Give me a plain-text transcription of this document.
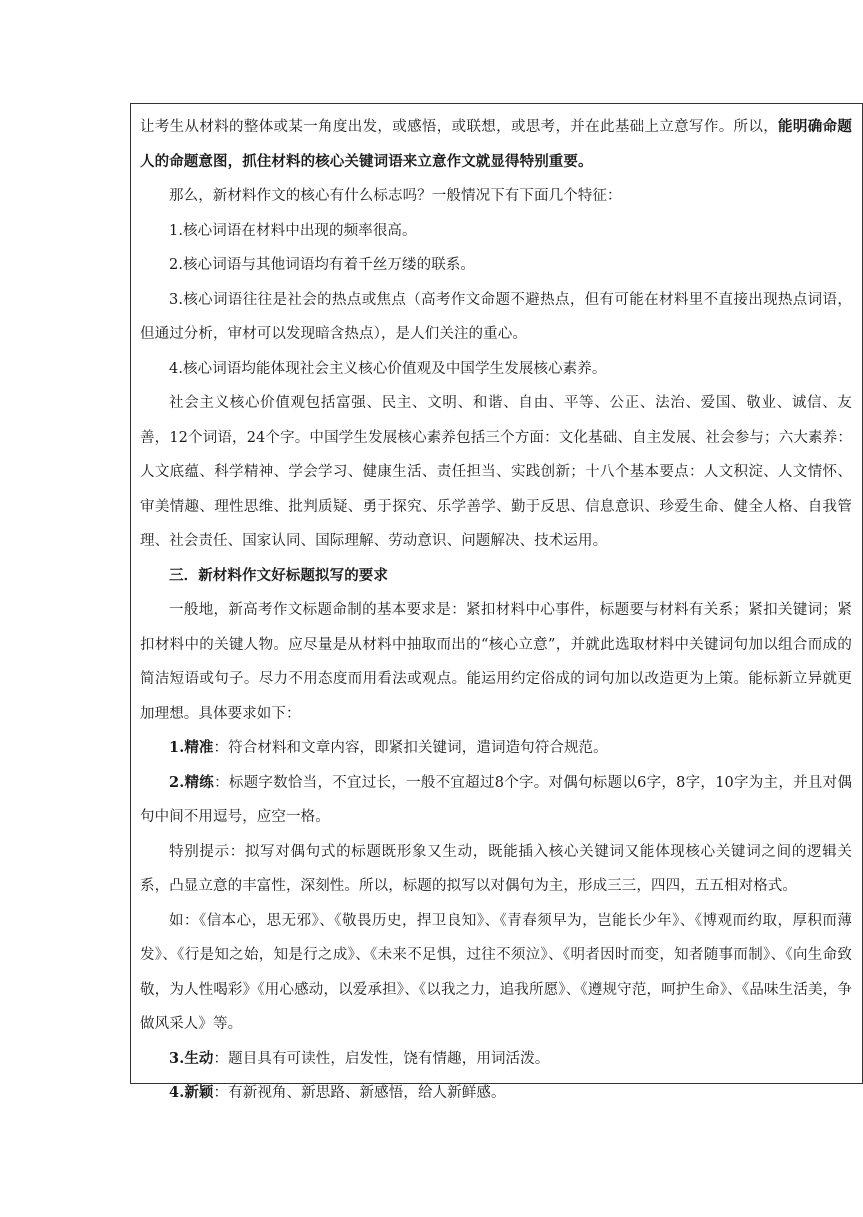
让考生从材料的整体或某一角度出发，或感悟，或联想，或思考，并在此基础上立意写作。所以，能明确命题人的命题意图，抓住材料的核心关键词语来立意作文就显得特别重要。

那么，新材料作文的核心有什么标志吗？一般情况下有下面几个特征：

1.核心词语在材料中出现的频率很高。

2.核心词语与其他词语均有着千丝万缕的联系。

3.核心词语往往是社会的热点或焦点（高考作文命题不避热点，但有可能在材料里不直接出现热点词语，但通过分析，审材可以发现暗含热点），是人们关注的重心。

4.核心词语均能体现社会主义核心价值观及中国学生发展核心素养。

社会主义核心价值观包括富强、民主、文明、和谐、自由、平等、公正、法治、爱国、敬业、诚信、友善，12个词语，24个字。中国学生发展核心素养包括三个方面：文化基础、自主发展、社会参与；六大素养：人文底蕴、科学精神、学会学习、健康生活、责任担当、实践创新；十八个基本要点：人文积淀、人文情怀、审美情趣、理性思维、批判质疑、勇于探究、乐学善学、勤于反思、信息意识、珍爱生命、健全人格、自我管理、社会责任、国家认同、国际理解、劳动意识、问题解决、技术运用。

三．新材料作文好标题拟写的要求

一般地，新高考作文标题命制的基本要求是：紧扣材料中心事件，标题要与材料有关系；紧扣关键词；紧扣材料中的关键人物。应尽量是从材料中抽取而出的“核心立意”，并就此选取材料中关键词句加以组合而成的简洁短语或句子。尽力不用态度而用看法或观点。能运用约定俗成的词句加以改造更为上策。能标新立异就更加理想。具体要求如下：

1.精准：符合材料和文章内容，即紧扣关键词，遣词造句符合规范。

2.精练：标题字数恰当，不宜过长，一般不宜超过8个字。对偶句标题以6字，8字，10字为主，并且对偶句中间不用逗号，应空一格。

特别提示：拟写对偶句式的标题既形象又生动，既能插入核心关键词又能体现核心关键词之间的逻辑关系，凸显立意的丰富性，深刻性。所以，标题的拟写以对偶句为主，形成三三，四四，五五相对格式。

如：《信本心，思无邪》、《敬畏历史，捍卫良知》、《青春须早为，岂能长少年》、《博观而约取，厚积而薄发》、《行是知之始，知是行之成》、《未来不足惧，过往不须泣》、《明者因时而变，知者随事而制》、《向生命致敬，为人性喝彩》《用心感动，以爱承担》、《以我之力，追我所愿》、《遵规守范，呵护生命》、《品味生活美，争做风采人》等。

3.生动：题目具有可读性，启发性，饶有情趣，用词活泼。

4.新颖：有新视角、新思路、新感悟，给人新鲜感。
